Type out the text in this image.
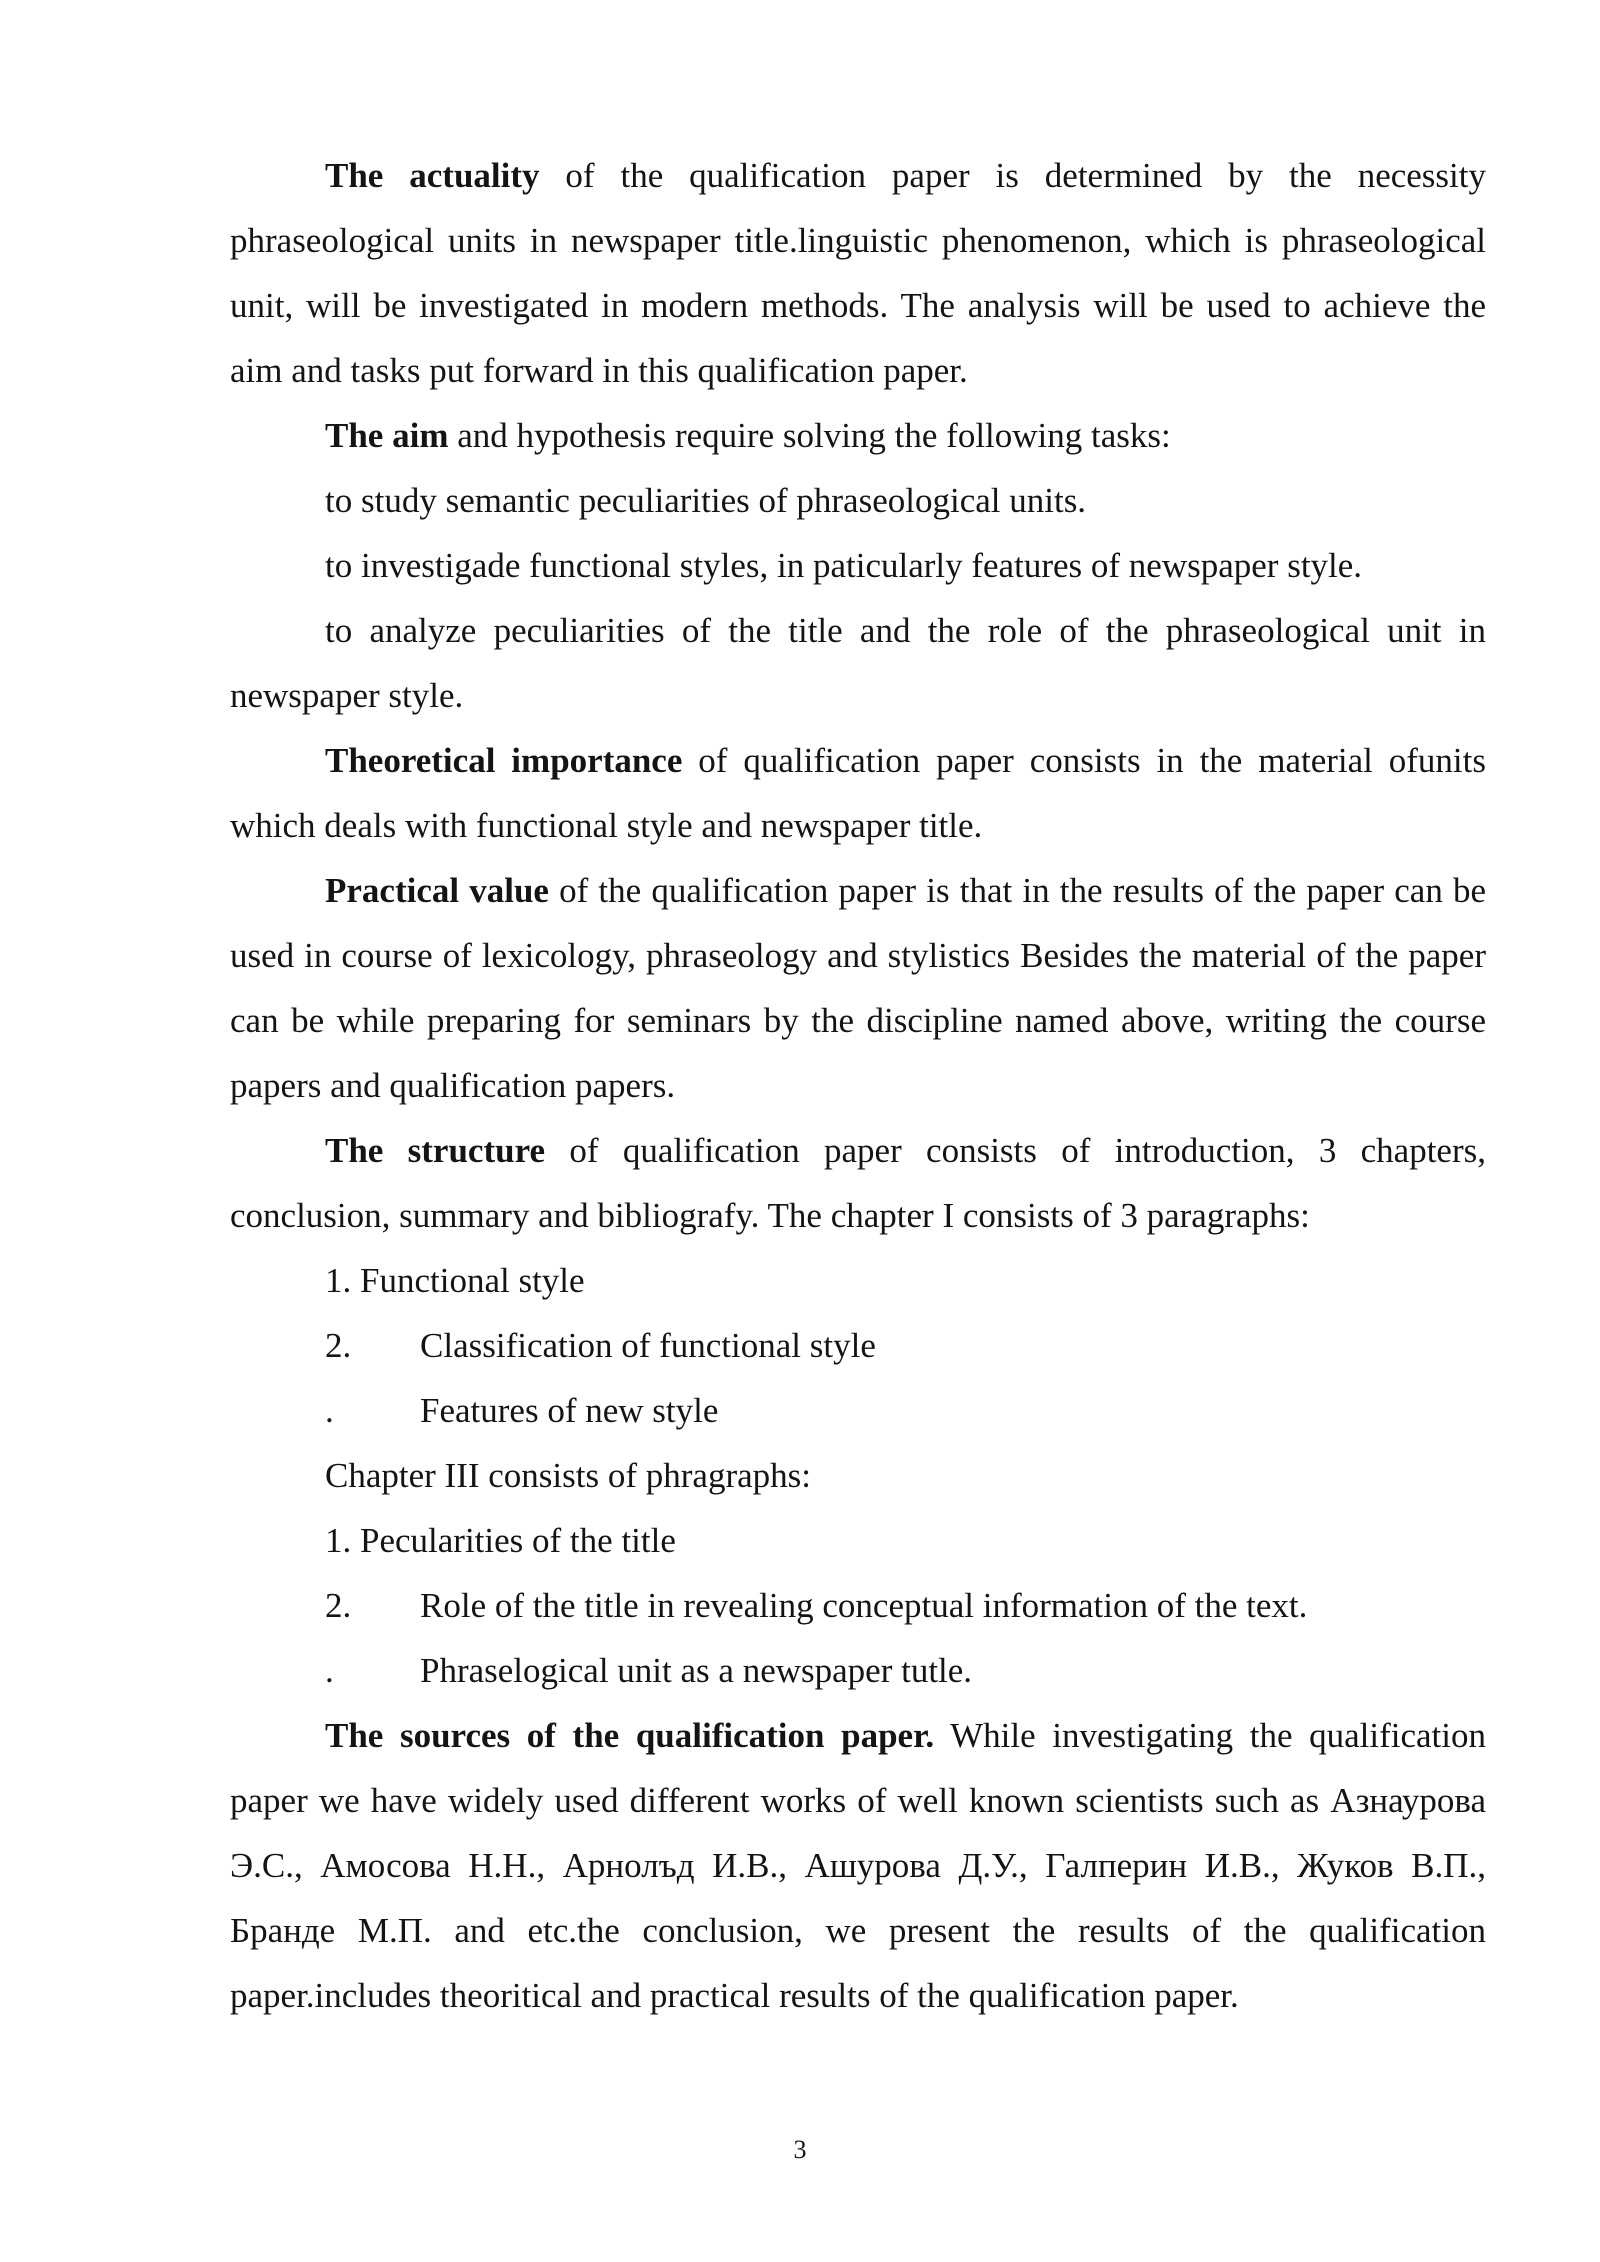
The actuality of the qualification paper is determined by the necessity phraseological units in newspaper title.linguistic phenomenon, which is phraseological unit, will be investigated in modern methods. The analysis will be used to achieve the aim and tasks put forward in this qualification paper.

The aim and hypothesis require solving the following tasks:

to study semantic peculiarities of phraseological units.

to investigade functional styles, in paticularly features of newspaper style.

to analyze peculiarities of the title and the role of the phraseological unit in newspaper style.

Theoretical importance of qualification paper consists in the material ofunits which deals with functional style and newspaper title.

Practical value of the qualification paper is that in the results of the paper can be used in course of lexicology, phraseology and stylistics Besides the material of the paper can be while preparing for seminars by the discipline named above, writing the course papers and qualification papers.

The structure of qualification paper consists of introduction, 3 chapters, conclusion, summary and bibliografy. The chapter I consists of 3 paragraphs:

1. Functional style

2.	Classification of functional style

.	Features of new style

Chapter III consists of phragraphs:

1. Pecularities of the title

2.	Role of the title in revealing conceptual information of the text.

.	Phraselogical unit as a newspaper tutle.

The sources of the qualification paper. While investigating the qualification paper we have widely used different works of well known scientists such as Азнаурова Э.С., Амосова Н.Н., Арнолъд И.В., Ашурова Д.У., Галперин И.В., Жуков В.П., Бранде М.П. and etc.the conclusion, we present the results of the qualification paper.includes theoritical and practical results of the qualification paper.

3
